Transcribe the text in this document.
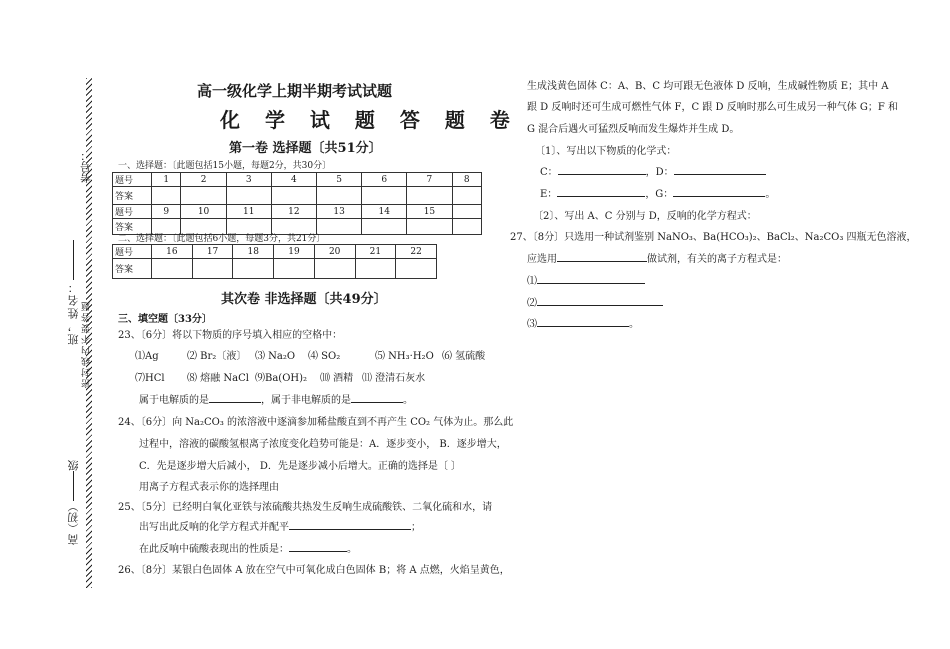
考号：
班，姓名：
密封线内不要答题
高（初）级
高一级化学上期半期考试试题
化 学 试 题 答 题 卷
第一卷 选择题〔共51分〕
一、选择题：〔此题包括15小题，每题2分，共30分〕
题号	1	2	3	4	5	6	7	8
答案								
题号	9	10	11	12	13	14	15	
答案								
二、选择题：〔此题包括6小题，每题3分，共21分〕
题号	16	17	18	19	20	21	22
答案							
其次卷 非选择题〔共49分〕
三、填空题〔33分〕
23、〔6分〕将以下物质的序号填入相应的空格中：
⑴Ag	⑵ Br₂〔液〕 ⑶ Na₂O ⑷ SO₂	⑸ NH₃·H₂O ⑹ 氢硫酸
⑺HCl ⑻ 熔融 NaCl ⑼Ba(OH)₂ ⑽ 酒精 ⑾ 澄清石灰水
属于电解质的是	，属于非电解质的是	。
24、〔6分〕向 Na₂CO₃ 的浓溶液中逐滴参加稀盐酸直到不再产生 CO₂ 气体为止。那么此
过程中，溶液的碳酸氢根离子浓度变化趋势可能是：A．逐步变小， B．逐步增大，
C．先是逐步增大后减小， D．先是逐步减小后增大。正确的选择是〔 〕
用离子方程式表示你的选择理由
25、〔5分〕已经明白氧化亚铁与浓硫酸共热发生反响生成硫酸铁、二氧化硫和水，请
出写出此反响的化学方程式并配平	；
在此反响中硫酸表现出的性质是：	。
26、〔8分〕某银白色固体 A 放在空气中可氧化成白色固体 B；将 A 点燃，火焰呈黄色，
生成浅黄色固体 C：A、B、C 均可跟无色液体 D 反响，生成碱性物质 E；其中 A
跟 D 反响时还可生成可燃性气体 F，C 跟 D 反响时那么可生成另一种气体 G；F 和
G 混合后遇火可猛烈反响而发生爆炸并生成 D。
〔1〕、写出以下物质的化学式：
C：	，D：
E：	，G：	。
〔2〕、写出 A、C 分别与 D，反响的化学方程式：
27、〔8分〕只选用一种试剂鉴别 NaNO₃、Ba(HCO₃)₂、BaCl₂、Na₂CO₃ 四瓶无色溶液，
应选用	做试剂，有关的离子方程式是：
⑴
⑵
⑶	。
